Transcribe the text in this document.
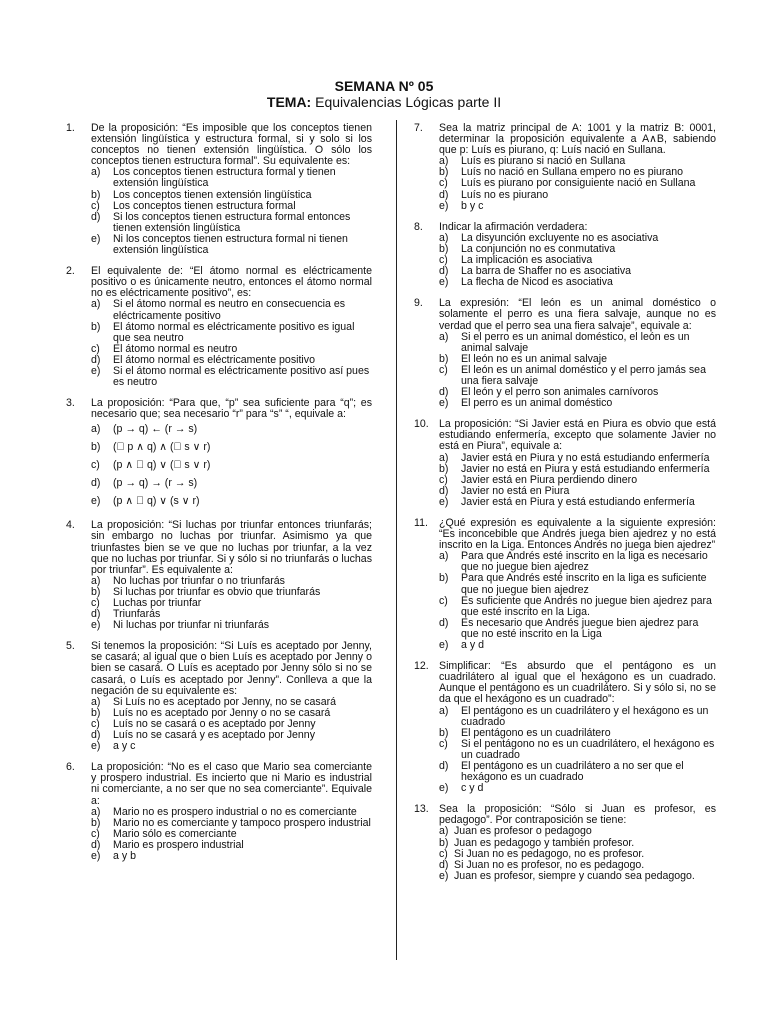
SEMANA Nº 05
TEMA: Equivalencias Lógicas parte II
1. De la proposición: “Es imposible que los conceptos tienen extensión lingüística y estructura formal, si y solo si los conceptos no tienen extensión lingüística. O sólo los conceptos tienen estructura formal”. Su equivalente es:
a) Los conceptos tienen estructura formal y tienen extensión lingüística
b) Los conceptos tienen extensión lingüística
c) Los conceptos tienen estructura formal
d) Si los conceptos tienen estructura formal entonces tienen extensión lingüística
e) Ni los conceptos tienen estructura formal ni tienen extensión lingüística
2. El equivalente de: “El átomo normal es eléctricamente positivo o es únicamente neutro, entonces el átomo normal no es eléctricamente positivo”, es:
a) Si el átomo normal es neutro en consecuencia es eléctricamente positivo
b) El átomo normal es eléctricamente positivo es igual que sea neutro
c) El átomo normal es neutro
d) El átomo normal es eléctricamente positivo
e) Si el átomo normal es eléctricamente positivo así pues es neutro
3. La proposición: “Para que, “p” sea suficiente para “q”; es necesario que; sea necesario “r” para “s” “, equivale a:
a) (p → q) ← (r → s)
b) (⃞ p ∧ q) ∧ (⃞ s ∨ r)
c) (p ∧ ⃞ q) ∨ (⃞ s ∨ r)
d) (p → q) → (r → s)
e) (p ∧ ⃞ q) ∨ (s ∨ r)
4. La proposición: “Si luchas por triunfar entonces triunfarás; sin embargo no luchas por triunfar. Asimismo ya que triunfastes bien se ve que no luchas por triunfar, a la vez que no luchas por triunfar. Si y sólo si no triunfarás o luchas por triunfar”. Es equivalente a:
a) No luchas por triunfar o no triunfarás
b) Si luchas por triunfar es obvio que triunfarás
c) Luchas por triunfar
d) Triunfarás
e) Ni luchas por triunfar ni triunfarás
5. Si tenemos la proposición: “Si Luís es aceptado por Jenny, se casará; al igual que o bien Luís es aceptado por Jenny o bien se casará. O Luís es aceptado por Jenny sólo si no se casará, o Luís es aceptado por Jenny”. Conlleva a que la negación de su equivalente es:
a) Si Luís no es aceptado por Jenny, no se casará
b) Luís no es aceptado por Jenny o no se casará
c) Luís no se casará o es aceptado por Jenny
d) Luís no se casará y es aceptado por Jenny
e) a y c
6. La proposición: “No es el caso que Mario sea comerciante y prospero industrial. Es incierto que ni Mario es industrial ni comerciante, a no ser que no sea comerciante”. Equivale a:
a) Mario no es prospero industrial o no es comerciante
b) Mario no es comerciante y tampoco prospero industrial
c) Mario sólo es comerciante
d) Mario es prospero industrial
e) a y b
7. Sea la matriz principal de A: 1001 y la matriz B: 0001, determinar la proposición equivalente a A∧B, sabiendo que p: Luís es piurano, q: Luís nació en Sullana.
a) Luís es piurano si nació en Sullana
b) Luís no nació en Sullana empero no es piurano
c) Luís es piurano por consiguiente nació en Sullana
d) Luís no es piurano
e) b y c
8. Indicar la afirmación verdadera:
a) La disyunción excluyente no es asociativa
b) La conjunción no es conmutativa
c) La implicación es asociativa
d) La barra de Shaffer no es asociativa
e) La flecha de Nicod es asociativa
9. La expresión: “El león es un animal doméstico o solamente el perro es una fiera salvaje, aunque no es verdad que el perro sea una fiera salvaje”, equivale a:
a) Si el perro es un animal doméstico, el león es un animal salvaje
b) El león no es un animal salvaje
c) El león es un animal doméstico y el perro jamás sea una fiera salvaje
d) El león y el perro son animales carnívoros
e) El perro es un animal doméstico
10. La proposición: “Si Javier está en Piura es obvio que está estudiando enfermería, excepto que solamente Javier no está en Piura”, equivale a:
a) Javier está en Piura y no está estudiando enfermería
b) Javier no está en Piura y está estudiando enfermería
c) Javier está en Piura perdiendo dinero
d) Javier no está en Piura
e) Javier está en Piura y está estudiando enfermería
11. ¿Qué expresión es equivalente a la siguiente expresión: “Es inconcebible que Andrés juega bien ajedrez y no está inscrito en la Liga. Entonces Andrés no juega bien ajedrez”
a) Para que Andrés esté inscrito en la liga es necesario que no juegue bien ajedrez
b) Para que Andrés esté inscrito en la liga es suficiente que no juegue bien ajedrez
c) Es suficiente que Andrés no juegue bien ajedrez para que esté inscrito en la Liga.
d) Es necesario que Andrés juegue bien ajedrez para que no esté inscrito en la Liga
e) a y d
12. Simplificar: “Es absurdo que el pentágono es un cuadrilátero al igual que el hexágono es un cuadrado. Aunque el pentágono es un cuadrilátero. Si y sólo si, no se da que el hexágono es un cuadrado”:
a) El pentágono es un cuadrilátero y el hexágono es un cuadrado
b) El pentágono es un cuadrilátero
c) Si el pentágono no es un cuadrilátero, el hexágono es un cuadrado
d) El pentágono es un cuadrilátero a no ser que el hexágono es un cuadrado
e) c y d
13. Sea la proposición: “Sólo si Juan es profesor, es pedagogo”. Por contraposición se tiene:
a) Juan es profesor o pedagogo
b) Juan es pedagogo y también profesor.
c) Si Juan no es pedagogo, no es profesor.
d) Si Juan no es profesor, no es pedagogo.
e) Juan es profesor, siempre y cuando sea pedagogo.
